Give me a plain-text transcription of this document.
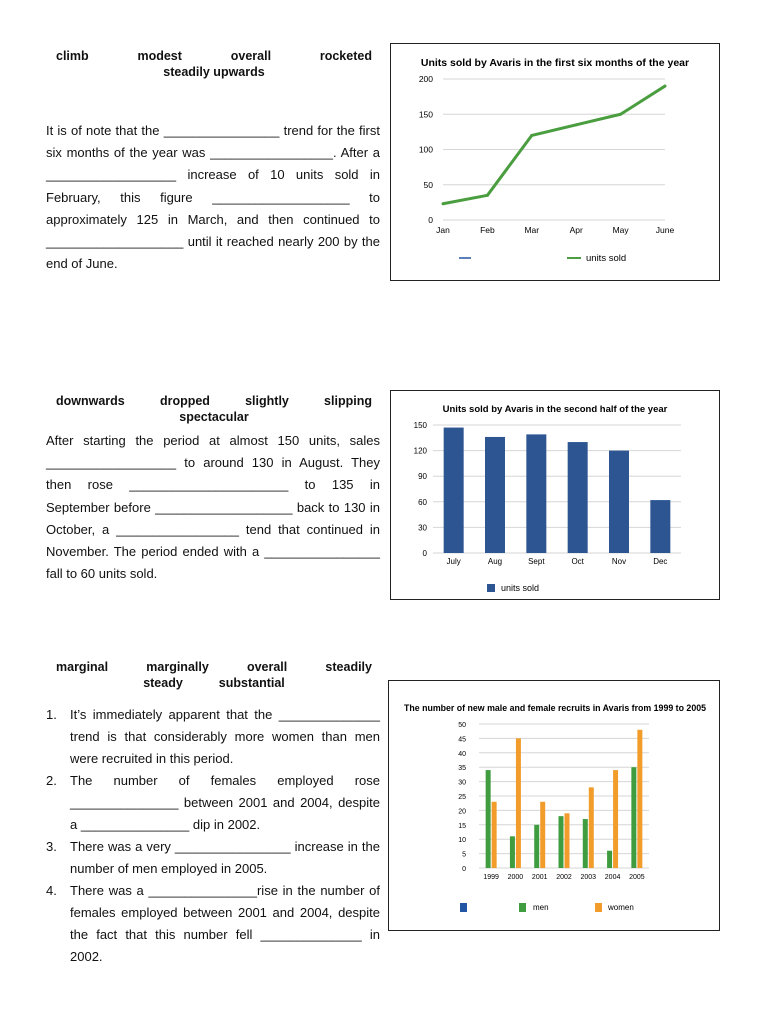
climb	modest	overall	rocketed
steadily upwards

It is of note that the ________________ trend for the first six months of the year was _________________. After a __________________ increase of 10 units sold in February, this figure ___________________ to approximately 125 in March, and then continued to ___________________ until it reached nearly 200 by the end of June.

Units sold by Avaris in the first six months of the year
0
50
100
150
200
Jan	Feb	Mar	Apr	May	June
units sold
downwards	dropped	slightly	slipping
spectacular

After starting the period at almost 150 units, sales __________________ to around 130 in August. They then rose ______________________ to 135 in September before ___________________ back to 130 in October, a _________________ tend that continued in November. The period ended with a ________________ fall to 60 units sold.

Units sold by Avaris in the second half of the year
0
30
60
90
120
150
July	Aug	Sept	Oct	Nov	Dec
units sold
marginal	marginally	overall	steadily
steady	substantial
1.	It’s immediately apparent that the ______________ trend is that considerably more women than men were recruited in this period.
2.	The number of females employed rose _______________ between 2001 and 2004, despite a _______________ dip in 2002.
3.	There was a very ________________ increase in the number of men employed in 2005.
4.	There was a _______________rise in the number of females employed between 2001 and 2004, despite the fact that this number fell ______________ in 2002.
The number of new male and female recruits in Avaris from 1999 to 2005
0
5
10
15
20
25
30
35
40
45
50
1999 2000 2001 2002 2003 2004 2005
men	women
